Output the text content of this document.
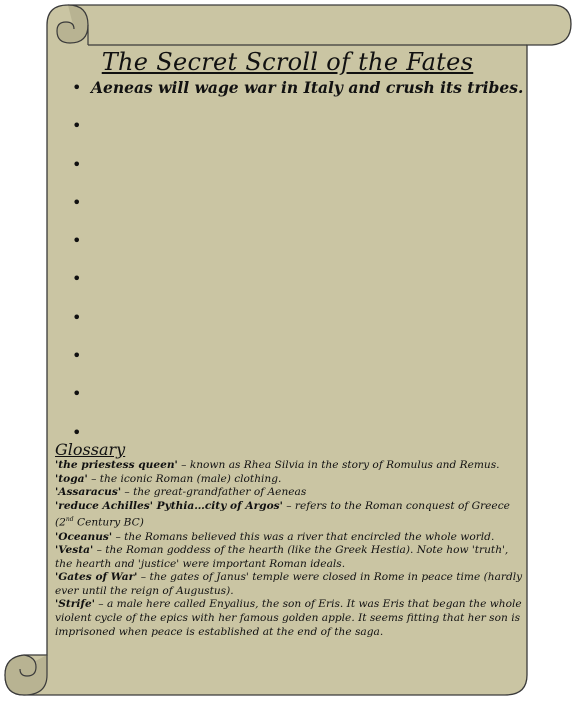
The Secret Scroll of the Fates
• Aeneas will wage war in Italy and crush its tribes.
•
•
•
•
•
•
•
•
•
Glossary

'the priestess queen' – known as Rhea Silvia in the story of Romulus and Remus.

'toga' – the iconic Roman (male) clothing.

'Assaracus' – the great-grandfather of Aeneas

'reduce Achilles' Pythia…city of Argos' – refers to the Roman conquest of Greece (2nd Century BC)

'Oceanus' – the Romans believed this was a river that encircled the whole world.

'Vesta' – the Roman goddess of the hearth (like the Greek Hestia). Note how 'truth', the hearth and 'justice' were important Roman ideals.

'Gates of War' – the gates of Janus' temple were closed in Rome in peace time (hardly ever until the reign of Augustus).

'Strife' – a male here called Enyalius, the son of Eris. It was Eris that began the whole violent cycle of the epics with her famous golden apple. It seems fitting that her son is imprisoned when peace is established at the end of the saga.
